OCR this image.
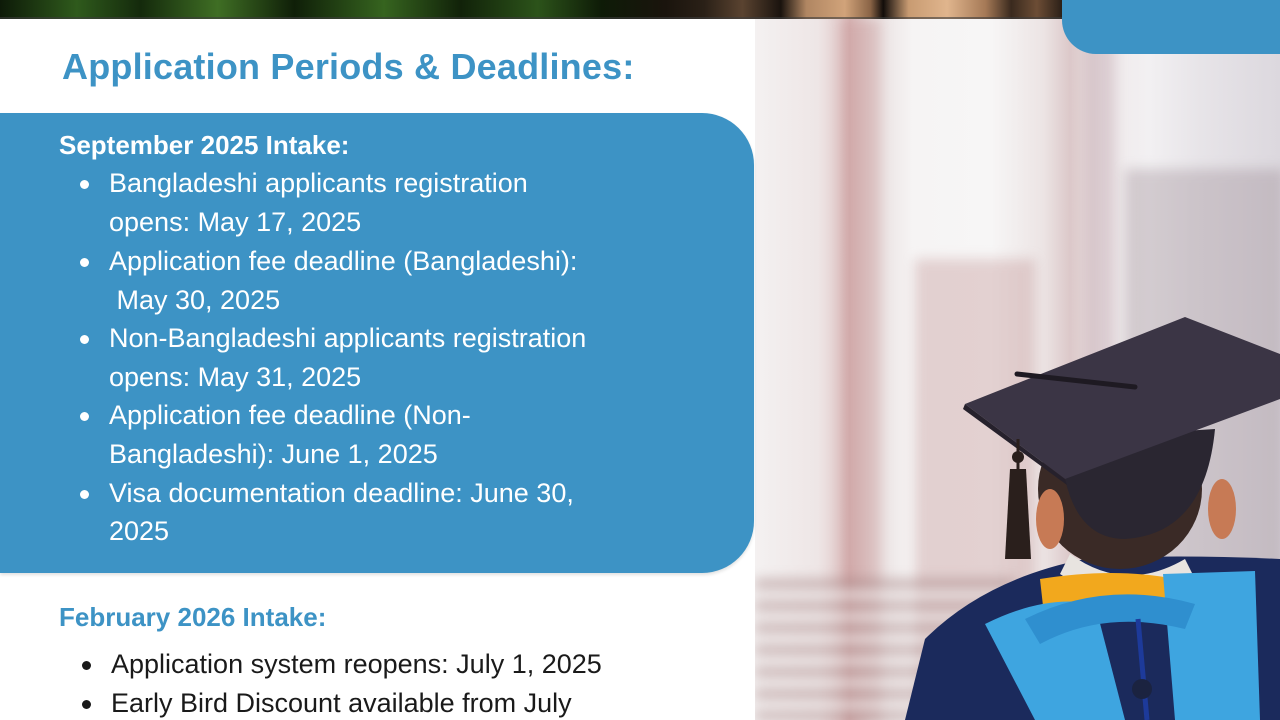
Application Periods & Deadlines:
September 2025 Intake:
Bangladeshi applicants registration
opens: May 17, 2025
Application fee deadline (Bangladeshi):
May 30, 2025
Non-Bangladeshi applicants registration
opens: May 31, 2025
Application fee deadline (Non-
Bangladeshi): June 1, 2025
Visa documentation deadline: June 30,
2025
February 2026 Intake:
Application system reopens: July 1, 2025
Early Bird Discount available from July
